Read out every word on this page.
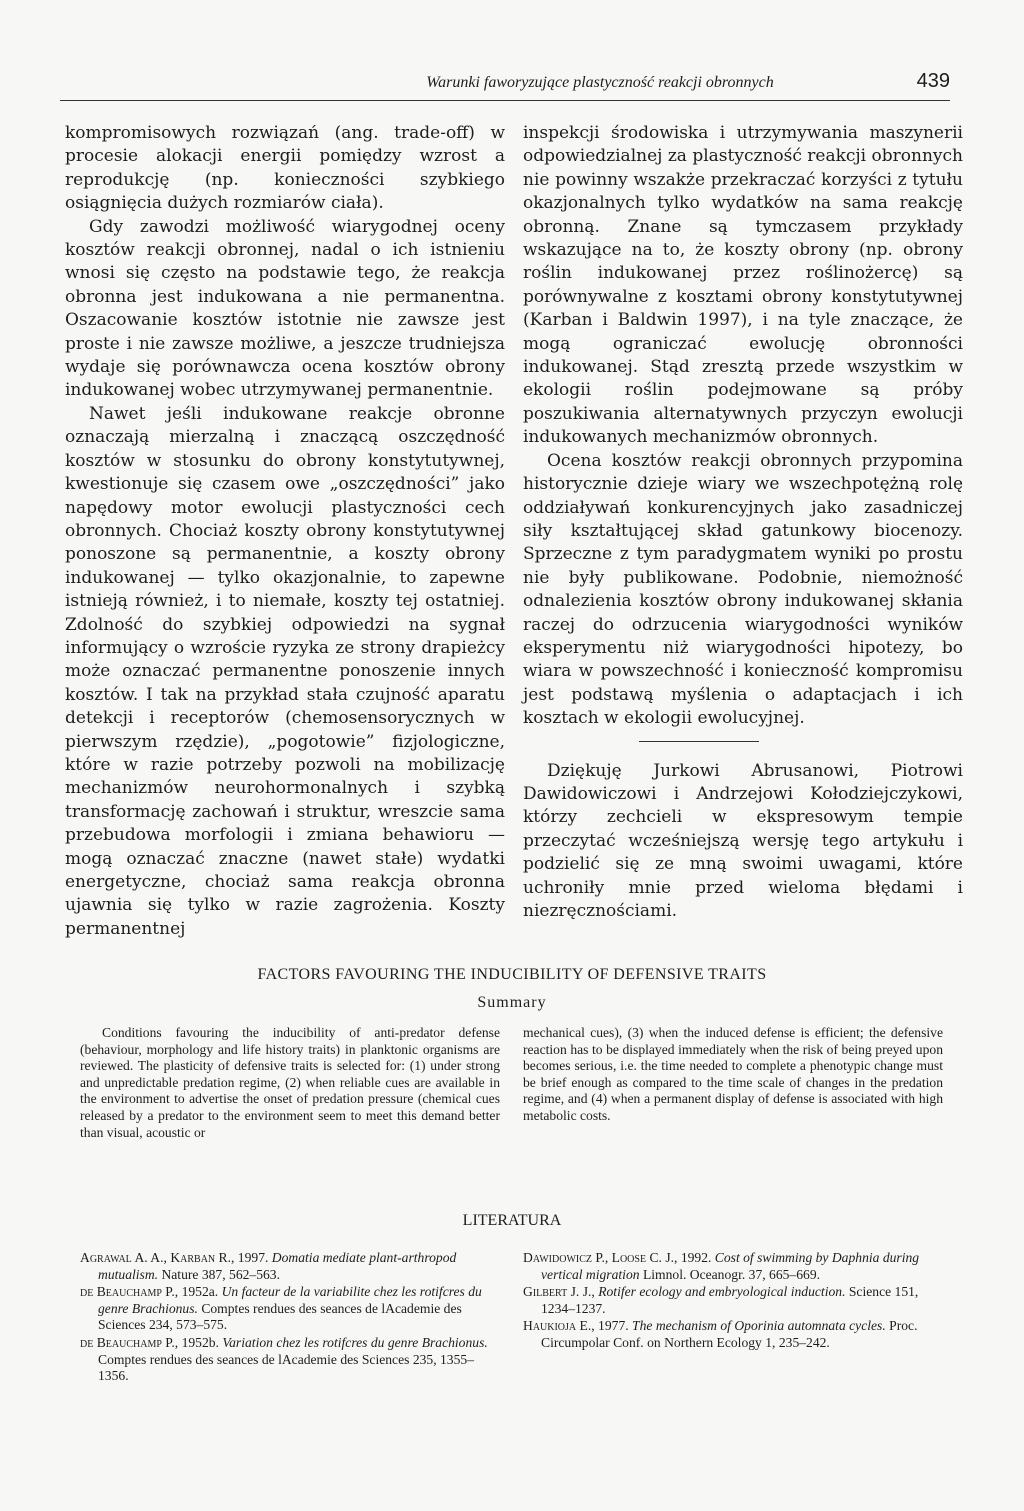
Warunki faworyzujące plastyczność reakcji obronnych	439

kompromisowych rozwiązań (ang. trade-off) w procesie alokacji energii pomiędzy wzrost a reprodukcję (np. konieczności szybkiego osiągnięcia dużych rozmiarów ciała).

Gdy zawodzi możliwość wiarygodnej oceny kosztów reakcji obronnej, nadal o ich istnieniu wnosi się często na podstawie tego, że reakcja obronna jest indukowana a nie permanentna. Oszacowanie kosztów istotnie nie zawsze jest proste i nie zawsze możliwe, a jeszcze trudniejsza wydaje się porównawcza ocena kosztów obrony indukowanej wobec utrzymywanej permanentnie.

Nawet jeśli indukowane reakcje obronne oznaczają mierzalną i znaczącą oszczędność kosztów w stosunku do obrony konstytutywnej, kwestionuje się czasem owe „oszczędności” jako napędowy motor ewolucji plastyczności cech obronnych. Chociaż koszty obrony konstytutywnej ponoszone są permanentnie, a koszty obrony indukowanej — tylko okazjonalnie, to zapewne istnieją również, i to niemałe, koszty tej ostatniej. Zdolność do szybkiej odpowiedzi na sygnał informujący o wzroście ryzyka ze strony drapieżcy może oznaczać permanentne ponoszenie innych kosztów. I tak na przykład stała czujność aparatu detekcji i receptorów (chemosensorycznych w pierwszym rzędzie), „pogotowie” fizjologiczne, które w razie potrzeby pozwoli na mobilizację mechanizmów neurohormonalnych i szybką transformację zachowań i struktur, wreszcie sama przebudowa morfologii i zmiana behawioru — mogą oznaczać znaczne (nawet stałe) wydatki energetyczne, chociaż sama reakcja obronna ujawnia się tylko w razie zagrożenia. Koszty permanentnej

inspekcji środowiska i utrzymywania maszynerii odpowiedzialnej za plastyczność reakcji obronnych nie powinny wszakże przekraczać korzyści z tytułu okazjonalnych tylko wydatków na sama reakcję obronną. Znane są tymczasem przykłady wskazujące na to, że koszty obrony (np. obrony roślin indukowanej przez roślinożercę) są porównywalne z kosztami obrony konstytutywnej (Karban i Baldwin 1997), i na tyle znaczące, że mogą ograniczać ewolucję obronności indukowanej. Stąd zresztą przede wszystkim w ekologii roślin podejmowane są próby poszukiwania alternatywnych przyczyn ewolucji indukowanych mechanizmów obronnych.

Ocena kosztów reakcji obronnych przypomina historycznie dzieje wiary we wszechpotężną rolę oddziaływań konkurencyjnych jako zasadniczej siły kształtującej skład gatunkowy biocenozy. Sprzeczne z tym paradygmatem wyniki po prostu nie były publikowane. Podobnie, niemożność odnalezienia kosztów obrony indukowanej skłania raczej do odrzucenia wiarygodności wyników eksperymentu niż wiarygodności hipotezy, bo wiara w powszechność i konieczność kompromisu jest podstawą myślenia o adaptacjach i ich kosztach w ekologii ewolucyjnej.

Dziękuję Jurkowi Abrusanowi, Piotrowi Dawidowiczowi i Andrzejowi Kołodziejczykowi, którzy zechcieli w ekspresowym tempie przeczytać wcześniejszą wersję tego artykułu i podzielić się ze mną swoimi uwagami, które uchroniły mnie przed wieloma błędami i niezręcznościami.

FACTORS FAVOURING THE INDUCIBILITY OF DEFENSIVE TRAITS
Summary

Conditions favouring the inducibility of anti-predator defense (behaviour, morphology and life history traits) in planktonic organisms are reviewed. The plasticity of defensive traits is selected for: (1) under strong and unpredictable predation regime, (2) when reliable cues are available in the environment to advertise the onset of predation pressure (chemical cues released by a predator to the environment seem to meet this demand better than visual, acoustic or

mechanical cues), (3) when the induced defense is efficient; the defensive reaction has to be displayed immediately when the risk of being preyed upon becomes serious, i.e. the time needed to complete a phenotypic change must be brief enough as compared to the time scale of changes in the predation regime, and (4) when a permanent display of defense is associated with high metabolic costs.

LITERATURA
Agrawal A. A., Karban R., 1997. Domatia mediate plant-arthropod mutualism. Nature 387, 562–563.
de Beauchamp P., 1952a. Un facteur de la variabilite chez les rotifcres du genre Brachionus. Comptes rendues des seances de lAcademie des Sciences 234, 573–575.
de Beauchamp P., 1952b. Variation chez les rotifcres du genre Brachionus. Comptes rendues des seances de lAcademie des Sciences 235, 1355–1356.
Dawidowicz P., Loose C. J., 1992. Cost of swimming by Daphnia during vertical migration Limnol. Oceanogr. 37, 665–669.
Gilbert J. J., Rotifer ecology and embryological induction. Science 151, 1234–1237.
Haukioja E., 1977. The mechanism of Oporinia automnata cycles. Proc. Circumpolar Conf. on Northern Ecology 1, 235–242.
